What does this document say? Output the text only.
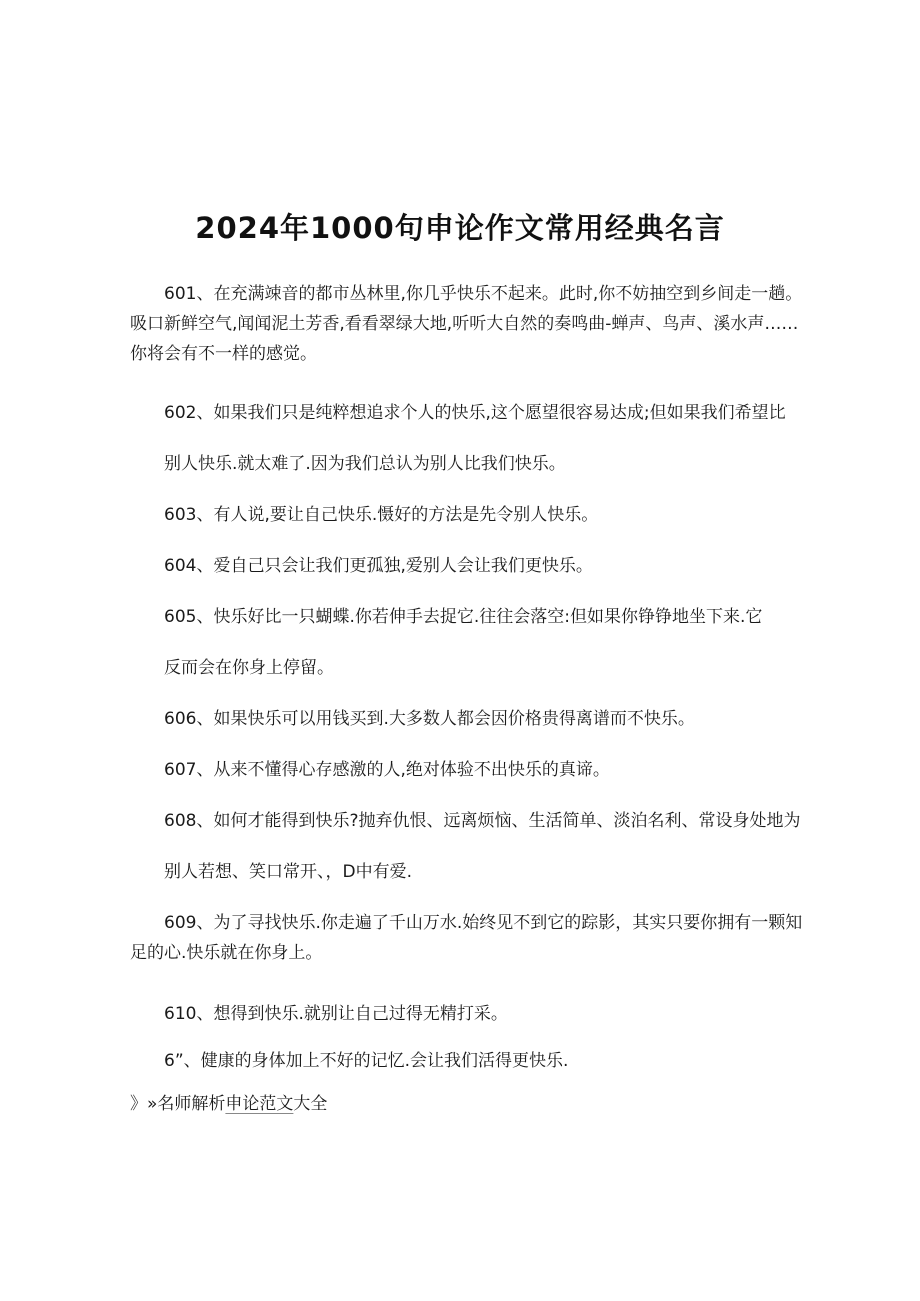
2024年1000句申论作文常用经典名言
601、在充满竦音的都市丛林里,你几乎快乐不起来。此时,你不妨抽空到乡间走一趟。
吸口新鲜空气,闻闻泥土芳香,看看翠绿大地,听听大自然的奏鸣曲-蝉声、鸟声、溪水声……
你将会有不一样的感觉。
602、如果我们只是纯粹想追求个人的快乐,这个愿望很容易达成;但如果我们希望比
别人快乐.就太难了.因为我们总认为别人比我们快乐。
603、有人说,要让自己快乐.慑好的方法是先令别人快乐。
604、爱自己只会让我们更孤独,爱别人会让我们更快乐。
605、快乐好比一只蝴蝶.你若伸手去捉它.往往会落空:但如果你铮铮地坐下来.它
反而会在你身上停留。
606、如果快乐可以用钱买到.大多数人都会因价格贵得离谱而不快乐。
607、从来不懂得心存感激的人,绝对体验不出快乐的真谛。
608、如何才能得到快乐?抛弃仇恨、远离烦恼、生活简单、淡泊名利、常设身处地为
别人若想、笑口常开、，D中有爱.
609、为了寻找快乐.你走遍了千山万水.始终见不到它的踪影，其实只要你拥有一颗知
足的心.快乐就在你身上。
610、想得到快乐.就别让自己过得无精打采。
6”、健康的身体加上不好的记忆.会让我们活得更快乐.
》»名师解析申论范文大全
